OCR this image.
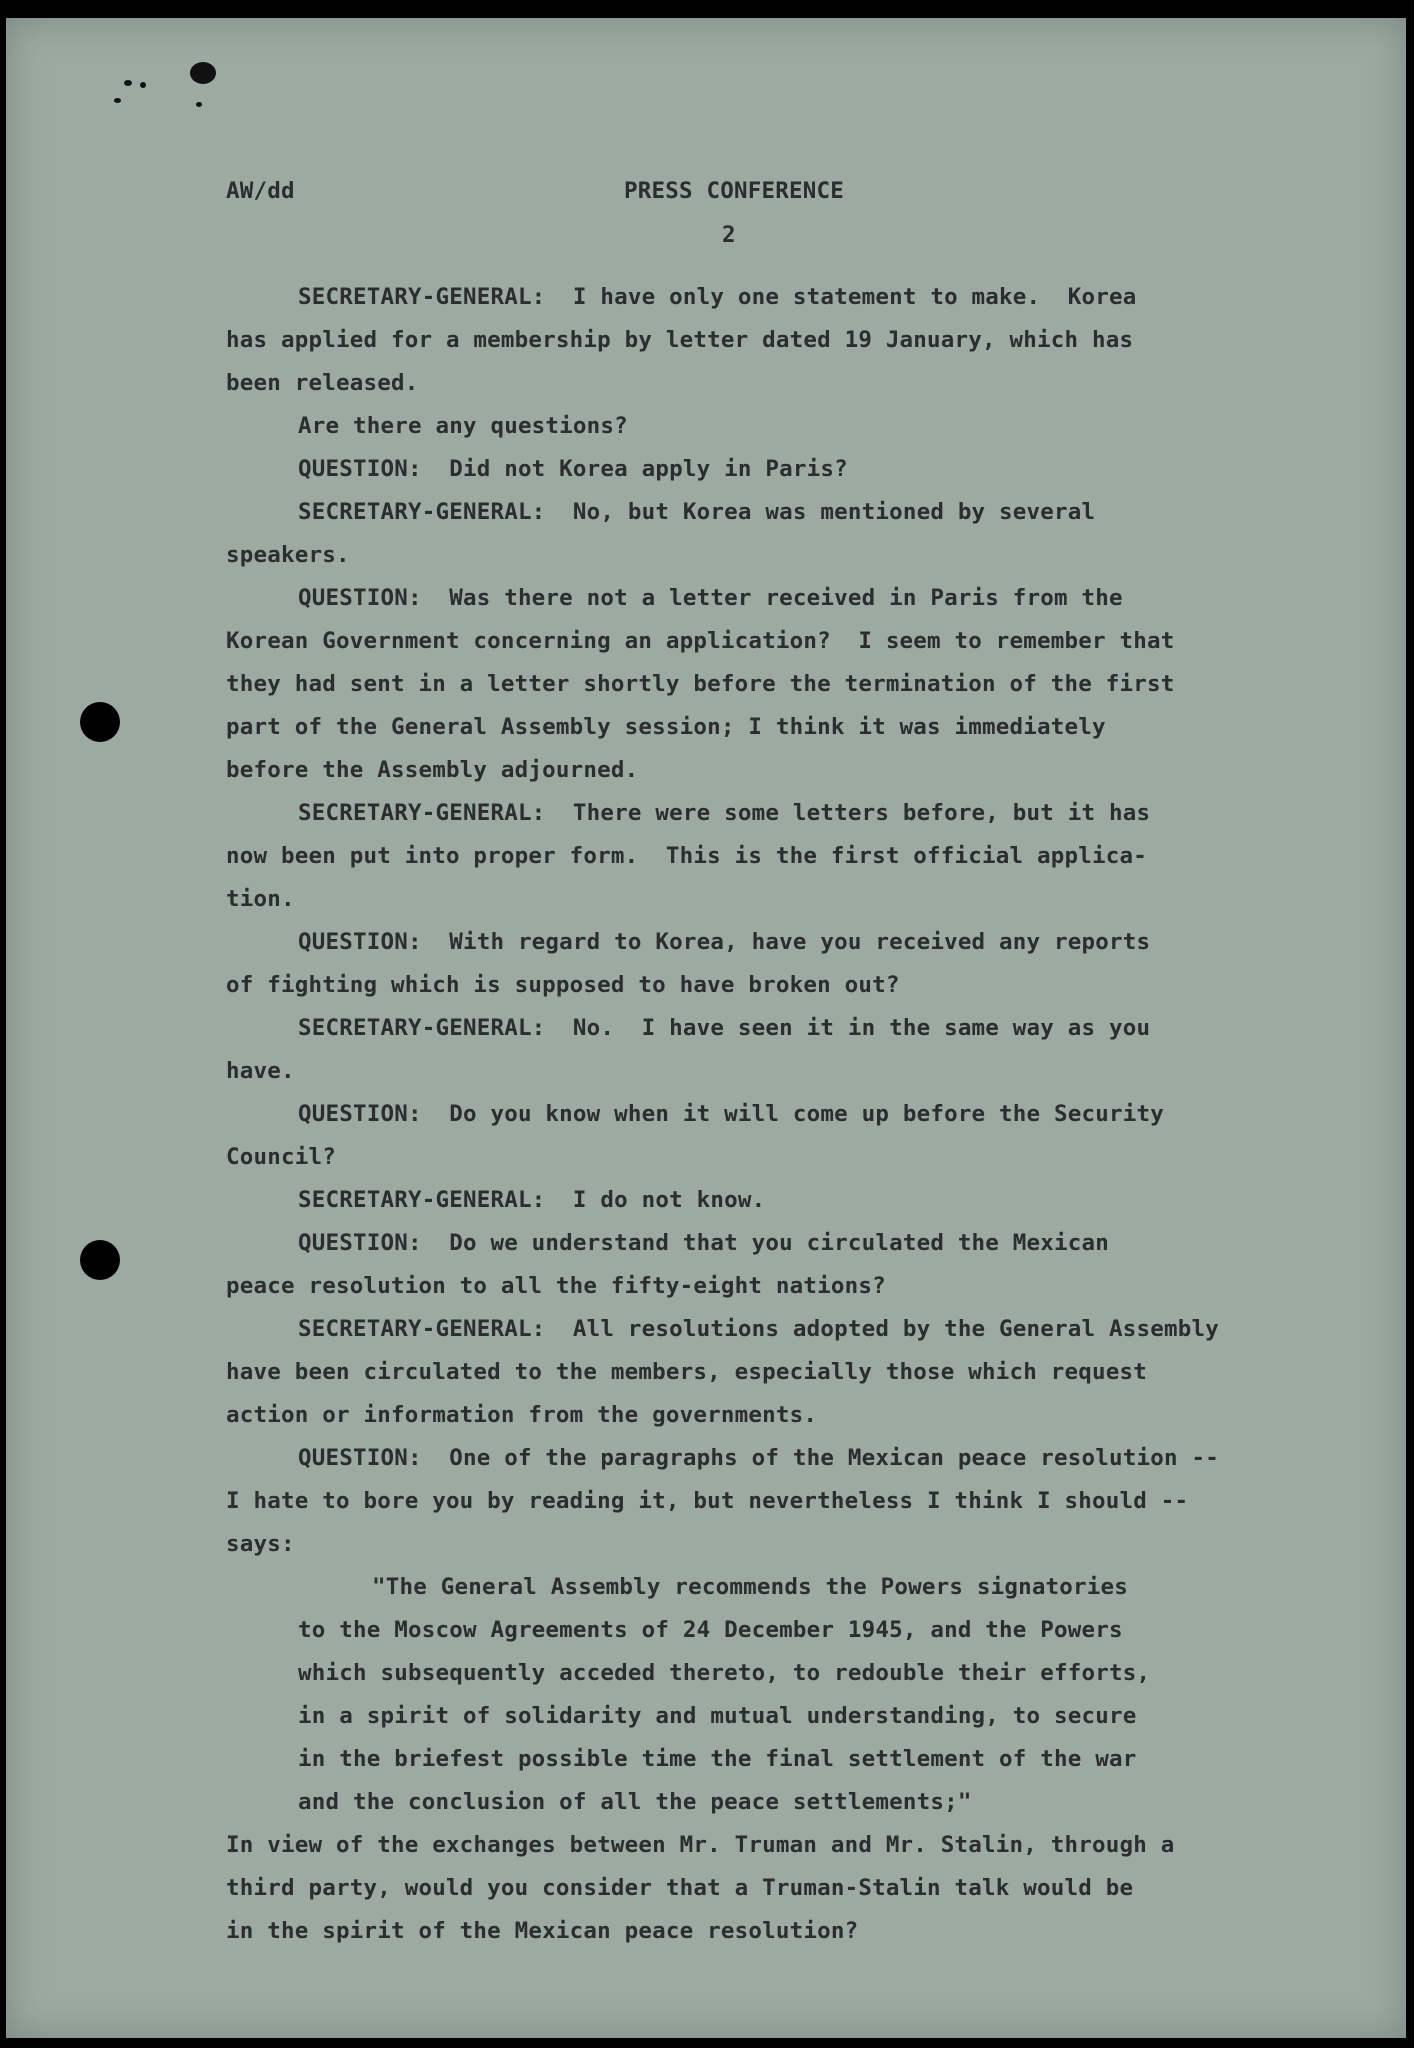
AW/dd	PRESS CONFERENCE
2
SECRETARY-GENERAL:  I have only one statement to make.  Korea
has applied for a membership by letter dated 19 January, which has
been released.
Are there any questions?
QUESTION:  Did not Korea apply in Paris?
SECRETARY-GENERAL:  No, but Korea was mentioned by several
speakers.
QUESTION:  Was there not a letter received in Paris from the
Korean Government concerning an application?  I seem to remember that
they had sent in a letter shortly before the termination of the first
part of the General Assembly session; I think it was immediately
before the Assembly adjourned.
SECRETARY-GENERAL:  There were some letters before, but it has
now been put into proper form.  This is the first official applica-
tion.
QUESTION:  With regard to Korea, have you received any reports
of fighting which is supposed to have broken out?
SECRETARY-GENERAL:  No.  I have seen it in the same way as you
have.
QUESTION:  Do you know when it will come up before the Security
Council?
SECRETARY-GENERAL:  I do not know.
QUESTION:  Do we understand that you circulated the Mexican
peace resolution to all the fifty-eight nations?
SECRETARY-GENERAL:  All resolutions adopted by the General Assembly
have been circulated to the members, especially those which request
action or information from the governments.
QUESTION:  One of the paragraphs of the Mexican peace resolution --
I hate to bore you by reading it, but nevertheless I think I should --
says:
"The General Assembly recommends the Powers signatories
to the Moscow Agreements of 24 December 1945, and the Powers
which subsequently acceded thereto, to redouble their efforts,
in a spirit of solidarity and mutual understanding, to secure
in the briefest possible time the final settlement of the war
and the conclusion of all the peace settlements;"
In view of the exchanges between Mr. Truman and Mr. Stalin, through a
third party, would you consider that a Truman-Stalin talk would be
in the spirit of the Mexican peace resolution?
